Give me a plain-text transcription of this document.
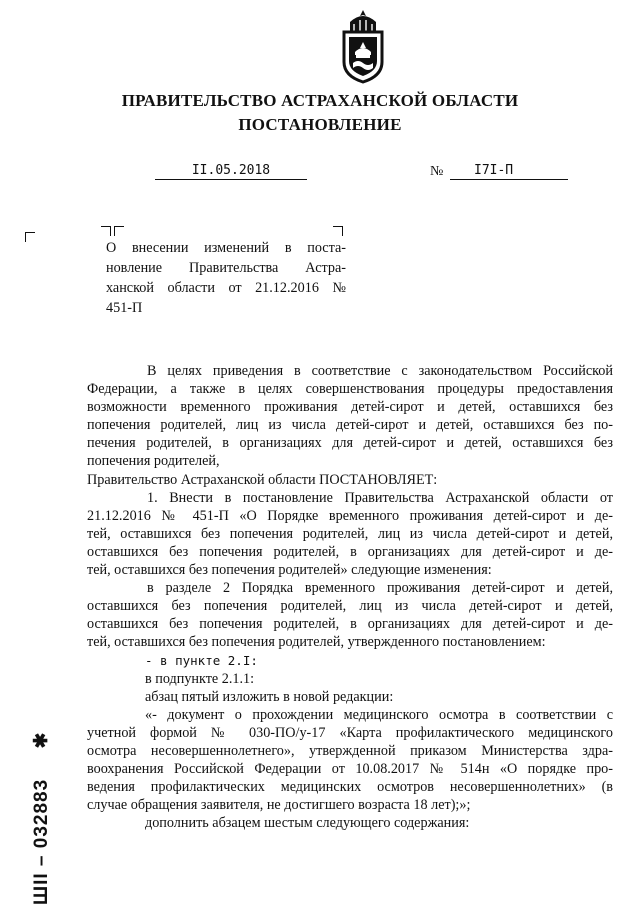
ПРАВИТЕЛЬСТВО АСТРАХАНСКОЙ ОБЛАСТИ
ПОСТАНОВЛЕНИЕ
II.05.2018	№	I7I-П
О внесении изменений в поста-
новление Правительства Астра-
ханской области от 21.12.2016 №
451-П
В целях приведения в соответствие с законодательством Российской
Федерации, а также в целях совершенствования процедуры предоставления
возможности временного проживания детей-сирот и детей, оставшихся без
попечения родителей, лиц из числа детей-сирот и детей, оставшихся без по-
печения родителей, в организациях для детей-сирот и детей, оставшихся без
попечения родителей,
Правительство Астраханской области ПОСТАНОВЛЯЕТ:
1. Внести в постановление Правительства Астраханской области от
21.12.2016 № 451-П «О Порядке временного проживания детей-сирот и де-
тей, оставшихся без попечения родителей, лиц из числа детей-сирот и детей,
оставшихся без попечения родителей, в организациях для детей-сирот и де-
тей, оставшихся без попечения родителей» следующие изменения:
в разделе 2 Порядка временного проживания детей-сирот и детей,
оставшихся без попечения родителей, лиц из числа детей-сирот и детей,
оставшихся без попечения родителей, в организациях для детей-сирот и де-
тей, оставшихся без попечения родителей, утвержденного постановлением:
- в пункте 2.I:
в подпункте 2.1.1:
абзац пятый изложить в новой редакции:
«- документ о прохождении медицинского осмотра в соответствии с
учетной формой № 030-ПО/у-17 «Карта профилактического медицинского
осмотра несовершеннолетнего», утвержденной приказом Министерства здра-
воохранения Российской Федерации от 10.08.2017 № 514н «О порядке про-
ведения профилактических медицинских осмотров несовершеннолетних» (в
случае обращения заявителя, не достигшего возраста 18 лет);»;
дополнить абзацем шестым следующего содержания:
ШII – 032883 ✱
